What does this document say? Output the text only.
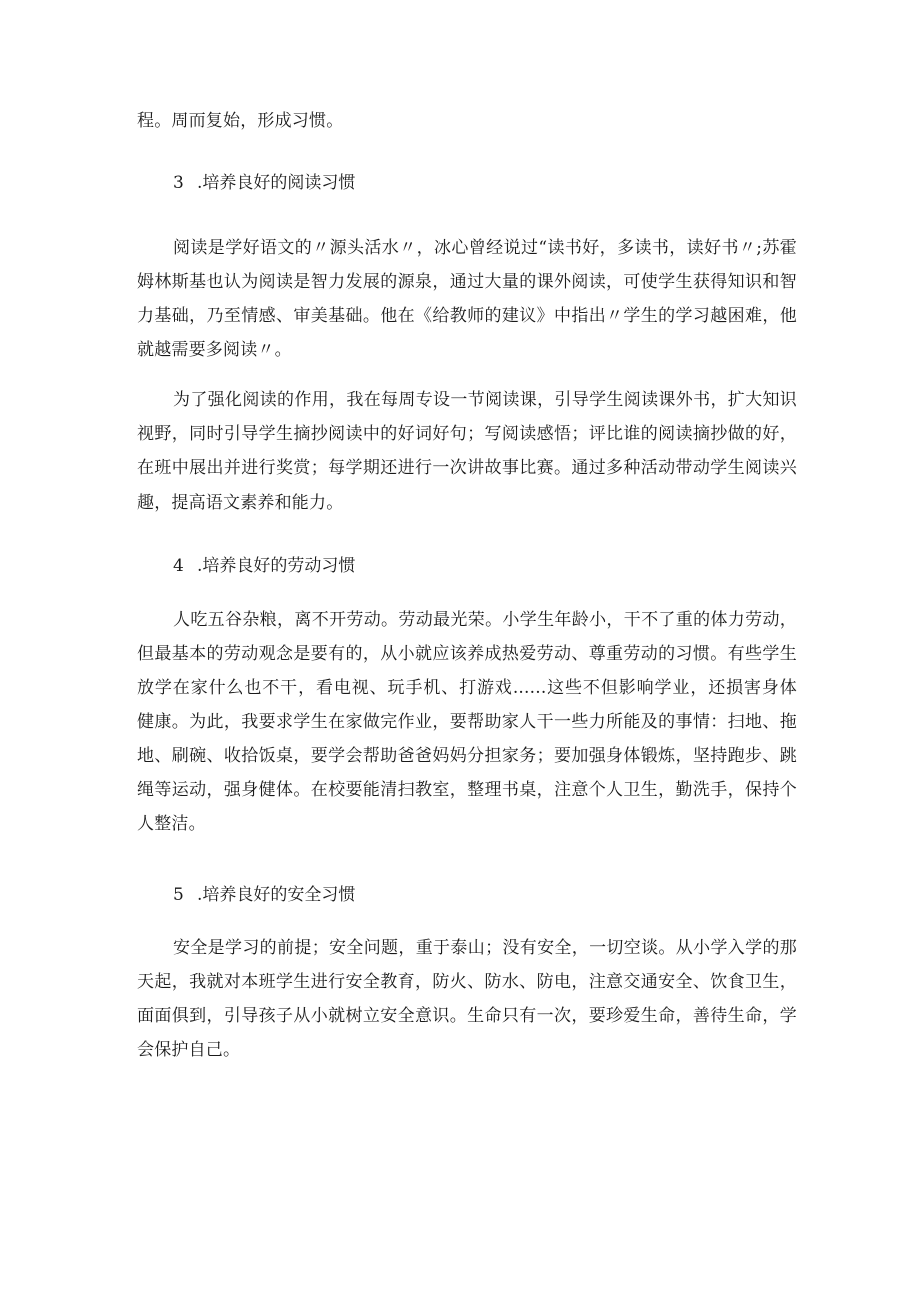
程。周而复始，形成习惯。
3 .培养良好的阅读习惯
阅读是学好语文的〃源头活水〃，冰心曾经说过“读书好，多读书，读好书〃;苏霍
姆林斯基也认为阅读是智力发展的源泉，通过大量的课外阅读，可使学生获得知识和智
力基础，乃至情感、审美基础。他在《给教师的建议》中指出〃学生的学习越困难，他
就越需要多阅读〃。
为了强化阅读的作用，我在每周专设一节阅读课，引导学生阅读课外书，扩大知识
视野，同时引导学生摘抄阅读中的好词好句；写阅读感悟；评比谁的阅读摘抄做的好，
在班中展出并进行奖赏；每学期还进行一次讲故事比赛。通过多种活动带动学生阅读兴
趣，提高语文素养和能力。
4 .培养良好的劳动习惯
人吃五谷杂粮，离不开劳动。劳动最光荣。小学生年龄小，干不了重的体力劳动，
但最基本的劳动观念是要有的，从小就应该养成热爱劳动、尊重劳动的习惯。有些学生
放学在家什么也不干，看电视、玩手机、打游戏......这些不但影响学业，还损害身体
健康。为此，我要求学生在家做完作业，要帮助家人干一些力所能及的事情：扫地、拖
地、刷碗、收拾饭桌，要学会帮助爸爸妈妈分担家务；要加强身体锻炼，坚持跑步、跳
绳等运动，强身健体。在校要能清扫教室，整理书桌，注意个人卫生，勤洗手，保持个
人整洁。
5 .培养良好的安全习惯
安全是学习的前提；安全问题，重于泰山；没有安全，一切空谈。从小学入学的那
天起，我就对本班学生进行安全教育，防火、防水、防电，注意交通安全、饮食卫生，
面面俱到，引导孩子从小就树立安全意识。生命只有一次，要珍爱生命，善待生命，学
会保护自己。
